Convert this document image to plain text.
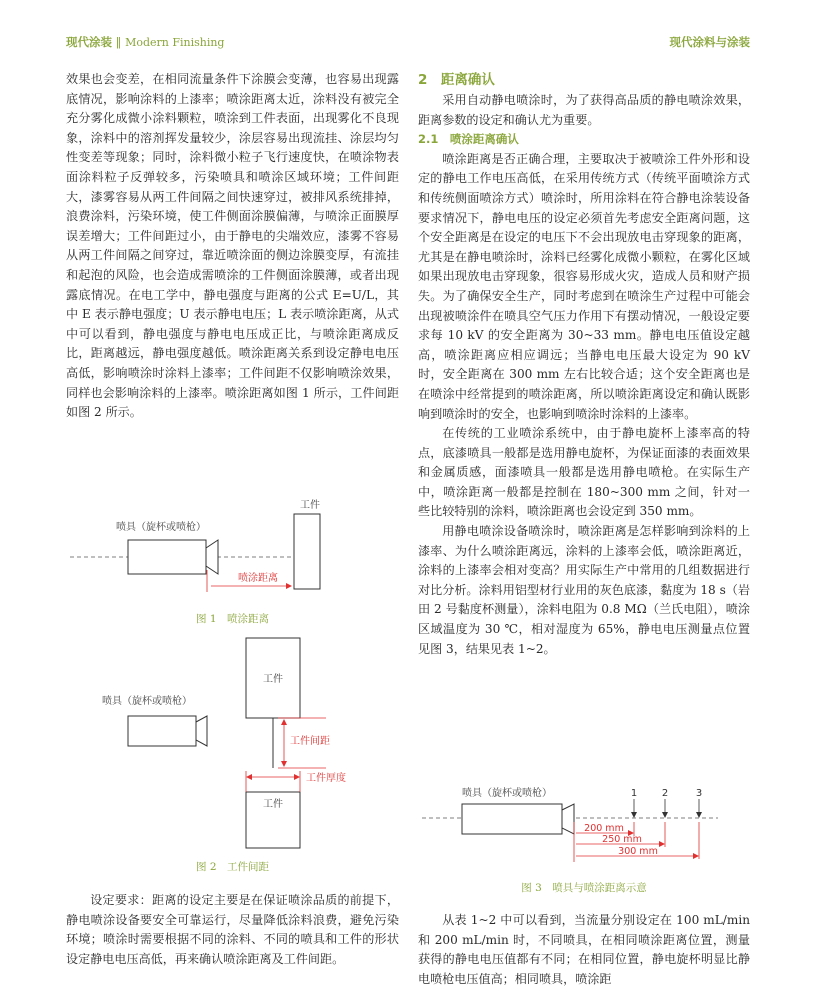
现代涂装 ‖ Modern Finishing	现代涂料与涂装

效果也会变差，在相同流量条件下涂膜会变薄，也容易出现露底情况，影响涂料的上漆率；喷涂距离太近，涂料没有被完全充分雾化成微小涂料颗粒，喷涂到工件表面，出现雾化不良现象，涂料中的溶剂挥发量较少，涂层容易出现流挂、涂层均匀性变差等现象；同时，涂料微小粒子飞行速度快，在喷涂物表面涂料粒子反弹较多，污染喷具和喷涂区域环境；工件间距大，漆雾容易从两工件间隔之间快速穿过，被排风系统排掉，浪费涂料，污染环境，使工件侧面涂膜偏薄，与喷涂正面膜厚误差增大；工件间距过小，由于静电的尖端效应，漆雾不容易从两工件间隔之间穿过，靠近喷涂面的侧边涂膜变厚，有流挂和起泡的风险，也会造成需喷涂的工件侧面涂膜薄，或者出现露底情况。在电工学中，静电强度与距离的公式 E=U/L，其中 E 表示静电强度；U 表示静电电压；L 表示喷涂距离，从式中可以看到，静电强度与静电电压成正比，与喷涂距离成反比，距离越远，静电强度越低。喷涂距离关系到设定静电电压高低，影响喷涂时涂料上漆率；工件间距不仅影响喷涂效果，同样也会影响涂料的上漆率。喷涂距离如图 1 所示，工件间距如图 2 所示。

喷具（旋杯或喷枪）
工件
喷涂距离
图 1　喷涂距离
工件
喷具（旋杯或喷枪）
工件间距
工件
工件厚度
图 2　工件间距

设定要求：距离的设定主要是在保证喷涂品质的前提下，静电喷涂设备要安全可靠运行，尽量降低涂料浪费，避免污染环境；喷涂时需要根据不同的涂料、不同的喷具和工件的形状设定静电电压高低，再来确认喷涂距离及工件间距。

2　距离确认

采用自动静电喷涂时，为了获得高品质的静电喷涂效果，距离参数的设定和确认尤为重要。

2.1　喷涂距离确认

喷涂距离是否正确合理，主要取决于被喷涂工件外形和设定的静电工作电压高低，在采用传统方式（传统平面喷涂方式和传统侧面喷涂方式）喷涂时，所用涂料在符合静电涂装设备要求情况下，静电电压的设定必须首先考虑安全距离问题，这个安全距离是在设定的电压下不会出现放电击穿现象的距离，尤其是在静电喷涂时，涂料已经雾化成微小颗粒，在雾化区域如果出现放电击穿现象，很容易形成火灾，造成人员和财产损失。为了确保安全生产，同时考虑到在喷涂生产过程中可能会出现被喷涂件在喷具空气压力作用下有摆动情况，一般设定要求每 10 kV 的安全距离为 30~33 mm。静电电压值设定越高，喷涂距离应相应调远；当静电电压最大设定为 90 kV 时，安全距离在 300 mm 左右比较合适；这个安全距离也是在喷涂中经常提到的喷涂距离，所以喷涂距离设定和确认既影响到喷涂时的安全，也影响到喷涂时涂料的上漆率。

在传统的工业喷涂系统中，由于静电旋杯上漆率高的特点，底漆喷具一般都是选用静电旋杯，为保证面漆的表面效果和金属质感，面漆喷具一般都是选用静电喷枪。在实际生产中，喷涂距离一般都是控制在 180~300 mm 之间，针对一些比较特别的涂料，喷涂距离也会设定到 350 mm。

用静电喷涂设备喷涂时，喷涂距离是怎样影响到涂料的上漆率、为什么喷涂距离远，涂料的上漆率会低，喷涂距离近，涂料的上漆率会相对变高？用实际生产中常用的几组数据进行对比分析。涂料用铝型材行业用的灰色底漆，黏度为 18 s（岩田 2 号黏度杯测量），涂料电阻为 0.8 MΩ（兰氏电阻），喷涂区域温度为 30 ℃，相对湿度为 65%，静电电压测量点位置见图 3，结果见表 1~2。

喷具（旋杯或喷枪）	1 2	3
200 mm
250 mm
300 mm
图 3　喷具与喷涂距离示意

从表 1~2 中可以看到，当流量分别设定在 100 mL/min 和 200 mL/min 时，不同喷具，在相同喷涂距离位置，测量获得的静电电压值都有不同；在相同位置，静电旋杯明显比静电喷枪电压值高；相同喷具，喷涂距
